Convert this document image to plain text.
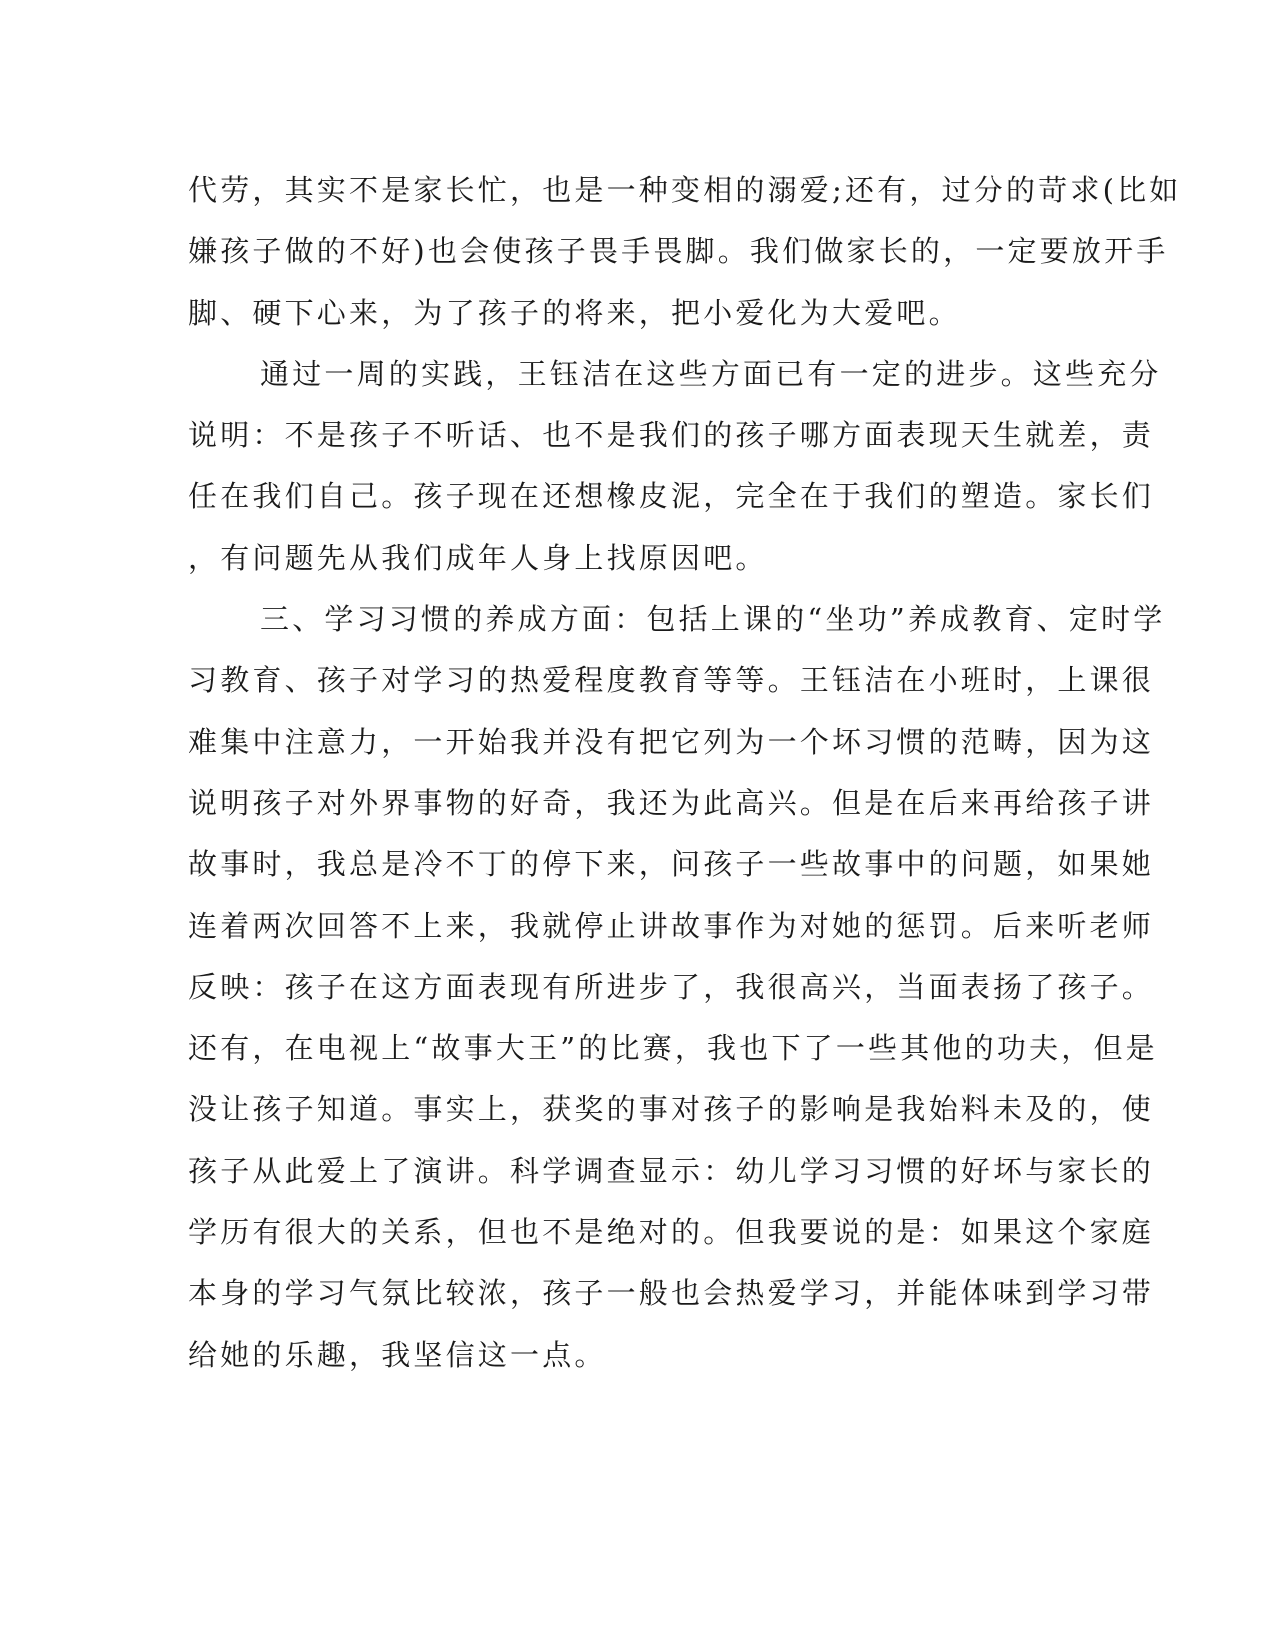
代劳，其实不是家长忙，也是一种变相的溺爱;还有，过分的苛求(比如
嫌孩子做的不好)也会使孩子畏手畏脚。我们做家长的，一定要放开手
脚、硬下心来，为了孩子的将来，把小爱化为大爱吧。
通过一周的实践，王钰洁在这些方面已有一定的进步。这些充分
说明：不是孩子不听话、也不是我们的孩子哪方面表现天生就差，责
任在我们自己。孩子现在还想橡皮泥，完全在于我们的塑造。家长们
，有问题先从我们成年人身上找原因吧。
三、学习习惯的养成方面：包括上课的“坐功”养成教育、定时学
习教育、孩子对学习的热爱程度教育等等。王钰洁在小班时，上课很
难集中注意力，一开始我并没有把它列为一个坏习惯的范畴，因为这
说明孩子对外界事物的好奇，我还为此高兴。但是在后来再给孩子讲
故事时，我总是冷不丁的停下来，问孩子一些故事中的问题，如果她
连着两次回答不上来，我就停止讲故事作为对她的惩罚。后来听老师
反映：孩子在这方面表现有所进步了，我很高兴，当面表扬了孩子。
还有，在电视上“故事大王”的比赛，我也下了一些其他的功夫，但是
没让孩子知道。事实上，获奖的事对孩子的影响是我始料未及的，使
孩子从此爱上了演讲。科学调查显示：幼儿学习习惯的好坏与家长的
学历有很大的关系，但也不是绝对的。但我要说的是：如果这个家庭
本身的学习气氛比较浓，孩子一般也会热爱学习，并能体味到学习带
给她的乐趣，我坚信这一点。
